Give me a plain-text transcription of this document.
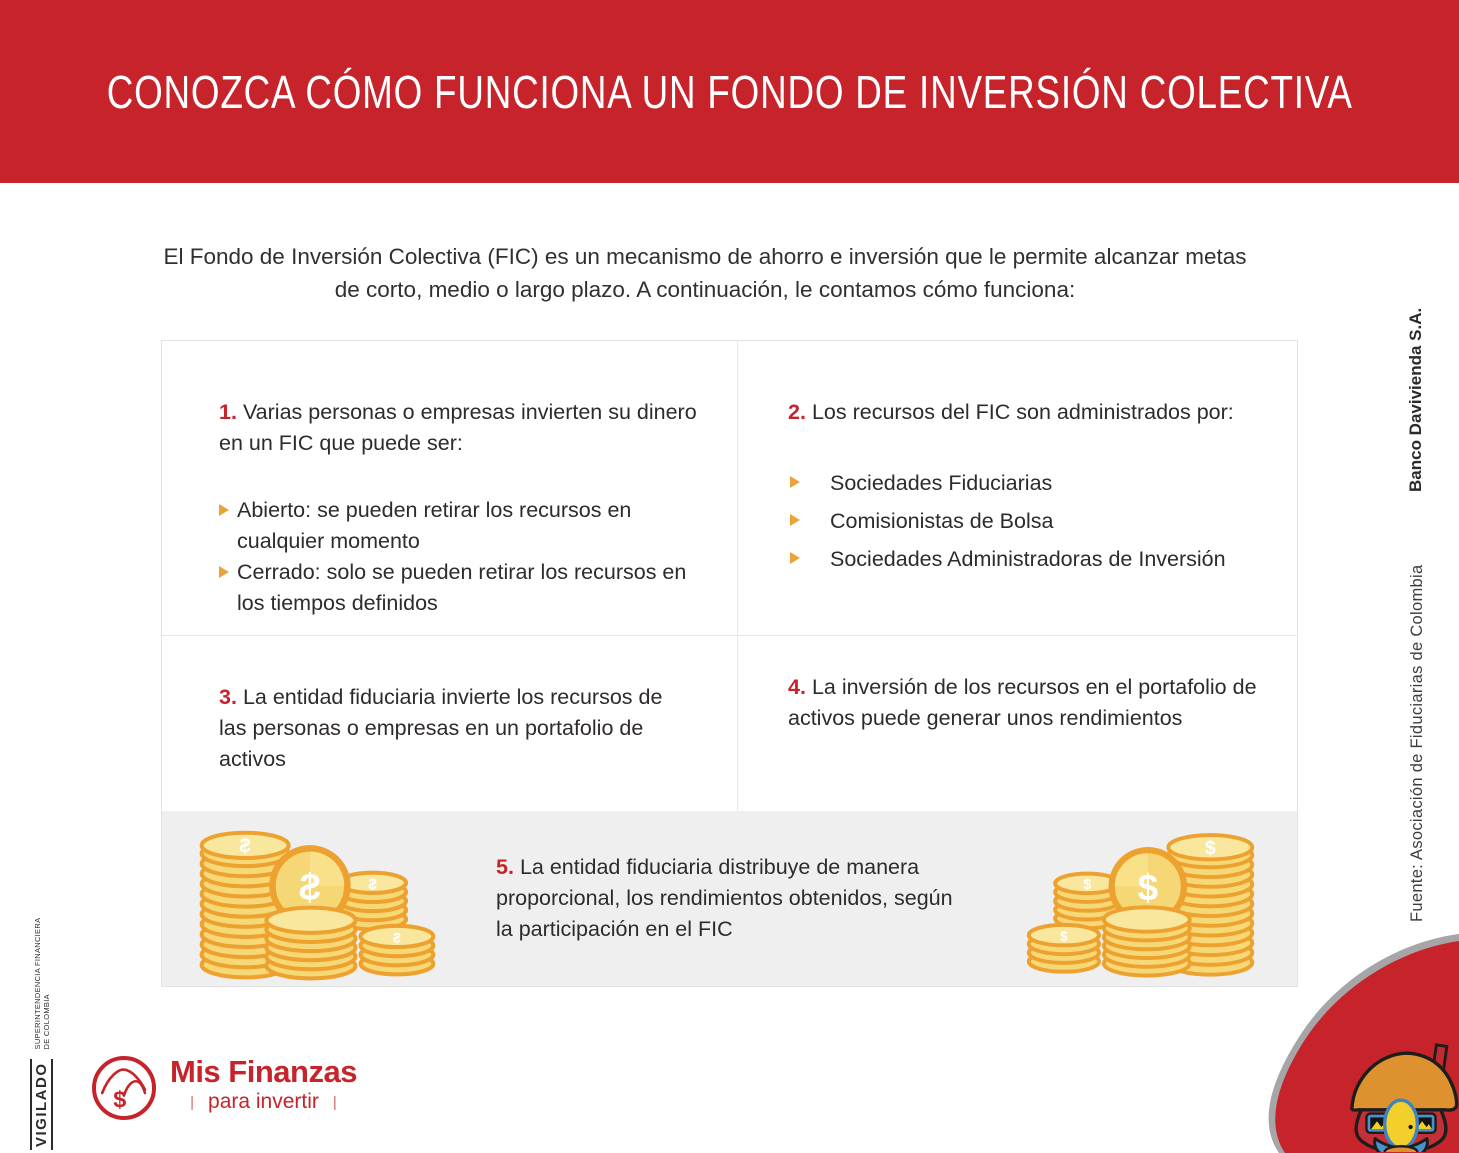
CONOZCA CÓMO FUNCIONA UN FONDO DE INVERSIÓN COLECTIVA
El Fondo de Inversión Colectiva (FIC) es un mecanismo de ahorro e inversión que le permite alcanzar metas
de corto, medio o largo plazo. A continuación, le contamos cómo funciona:

1. Varias personas o empresas invierten su dinero en un FIC que puede ser:

Abierto: se pueden retirar los recursos en cualquier momento
Cerrado: solo se pueden retirar los recursos en los tiempos definidos

2. Los recursos del FIC son administrados por:

Sociedades Fiduciarias
Comisionistas de Bolsa
Sociedades Administradoras de Inversión

3. La entidad fiduciaria invierte los recursos de las personas o empresas en un portafolio de activos

4. La inversión de los recursos en el portafolio de activos puede generar unos rendimientos

5. La entidad fiduciaria distribuye de manera proporcional, los rendimientos obtenidos, según la participación en el FIC

Banco Davivienda S.A.
Fuente: Asociación de Fiduciarias de Colombia
VIGILADO
SUPERINTENDENCIA FINANCIERA DE COLOMBIA
$
Mis Finanzas
| para invertir |
